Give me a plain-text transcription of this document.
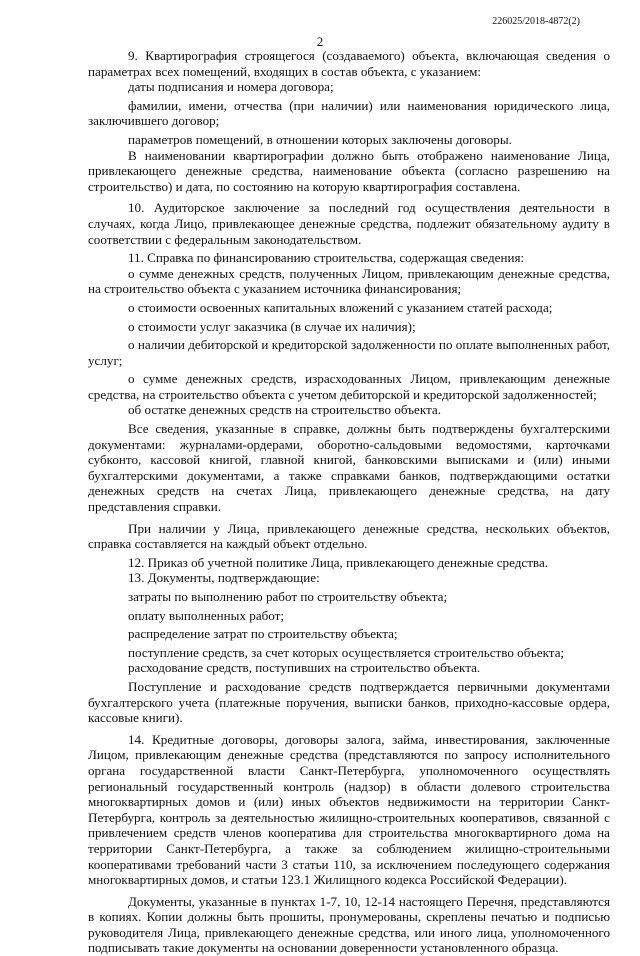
226025/2018-4872(2)
2

9. Квартирография строящегося (создаваемого) объекта, включающая сведения о параметрах всех помещений, входящих в состав объекта, с указанием:

даты подписания и номера договора;

фамилии, имени, отчества (при наличии) или наименования юридического лица, заключившего договор;

параметров помещений, в отношении которых заключены договоры.

В наименовании квартирографии должно быть отображено наименование Лица, привлекающего денежные средства, наименование объекта (согласно разрешению на строительство) и дата, по состоянию на которую квартирография составлена.

10. Аудиторское заключение за последний год осуществления деятельности в случаях, когда Лицо, привлекающее денежные средства, подлежит обязательному аудиту в соответствии с федеральным законодательством.

11. Справка по финансированию строительства, содержащая сведения:

о сумме денежных средств, полученных Лицом, привлекающим денежные средства, на строительство объекта с указанием источника финансирования;

о стоимости освоенных капитальных вложений с указанием статей расхода;

о стоимости услуг заказчика (в случае их наличия);

о наличии дебиторской и кредиторской задолженности по оплате выполненных работ, услуг;

о сумме денежных средств, израсходованных Лицом, привлекающим денежные средства, на строительство объекта с учетом дебиторской и кредиторской задолженностей;

об остатке денежных средств на строительство объекта.

Все сведения, указанные в справке, должны быть подтверждены бухгалтерскими документами: журналами-ордерами, оборотно-сальдовыми ведомостями, карточками субконто, кассовой книгой, главной книгой, банковскими выписками и (или) иными бухгалтерскими документами, а также справками банков, подтверждающими остатки денежных средств на счетах Лица, привлекающего денежные средства, на дату представления справки.

При наличии у Лица, привлекающего денежные средства, нескольких объектов, справка составляется на каждый объект отдельно.

12. Приказ об учетной политике Лица, привлекающего денежные средства.

13. Документы, подтверждающие:

затраты по выполнению работ по строительству объекта;

оплату выполненных работ;

распределение затрат по строительству объекта;

поступление средств, за счет которых осуществляется строительство объекта;

расходование средств, поступивших на строительство объекта.

Поступление и расходование средств подтверждается первичными документами бухгалтерского учета (платежные поручения, выписки банков, приходно-кассовые ордера, кассовые книги).

14. Кредитные договоры, договоры залога, займа, инвестирования, заключенные Лицом, привлекающим денежные средства (представляются по запросу исполнительного органа государственной власти Санкт-Петербурга, уполномоченного осуществлять региональный государственный контроль (надзор) в области долевого строительства многоквартирных домов и (или) иных объектов недвижимости на территории Санкт-Петербурга, контроль за деятельностью жилищно-строительных кооперативов, связанной с привлечением средств членов кооператива для строительства многоквартирного дома на территории Санкт-Петербурга, а также за соблюдением жилищно-строительными кооперативами требований части 3 статьи 110, за исключением последующего содержания многоквартирных домов, и статьи 123.1 Жилищного кодекса Российской Федерации).

Документы, указанные в пунктах 1-7, 10, 12-14 настоящего Перечня, представляются в копиях. Копии должны быть прошиты, пронумерованы, скреплены печатью и подписью руководителя Лица, привлекающего денежные средства, или иного лица, уполномоченного подписывать такие документы на основании доверенности установленного образца.
